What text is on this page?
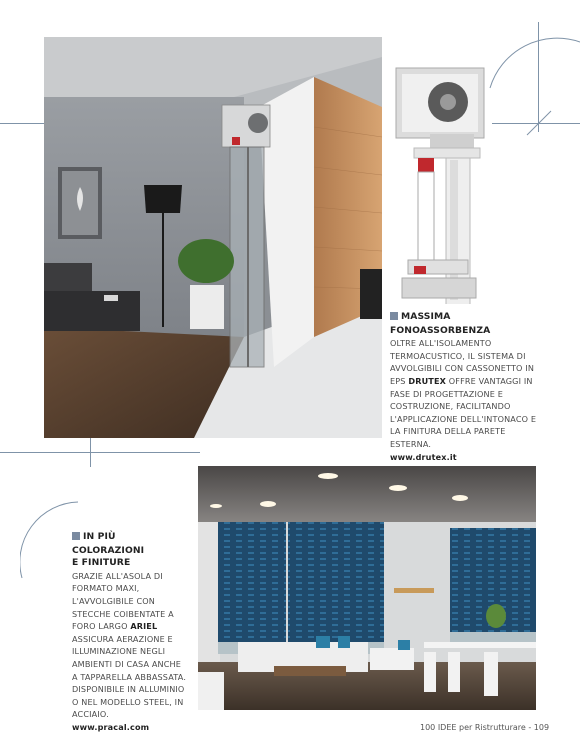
MASSIMA FONOASSORBENZA
OLTRE ALL'ISOLAMENTO TERMOACUSTICO, IL SISTEMA DI AVVOLGIBILI CON CASSONETTO IN EPS DRUTEX OFFRE VANTAGGI IN FASE DI PROGETTAZIONE E COSTRUZIONE, FACILITANDO L'APPLICAZIONE DELL'INTONACO E LA FINITURA DELLA PARETE ESTERNA.
www.drutex.it
IN PIÙ COLORAZIONI
E FINITURE
GRAZIE ALL'ASOLA DI FORMATO MAXI, L'AVVOLGIBILE CON STECCHE COIBENTATE A FORO LARGO ARIEL ASSICURA AERAZIONE E ILLUMINAZIONE NEGLI AMBIENTI DI CASA ANCHE A TAPPARELLA ABBASSATA. DISPONIBILE IN ALLUMINIO O NEL MODELLO STEEL, IN ACCIAIO.
www.pracal.com	100 IDEE per Ristrutturare - 109
